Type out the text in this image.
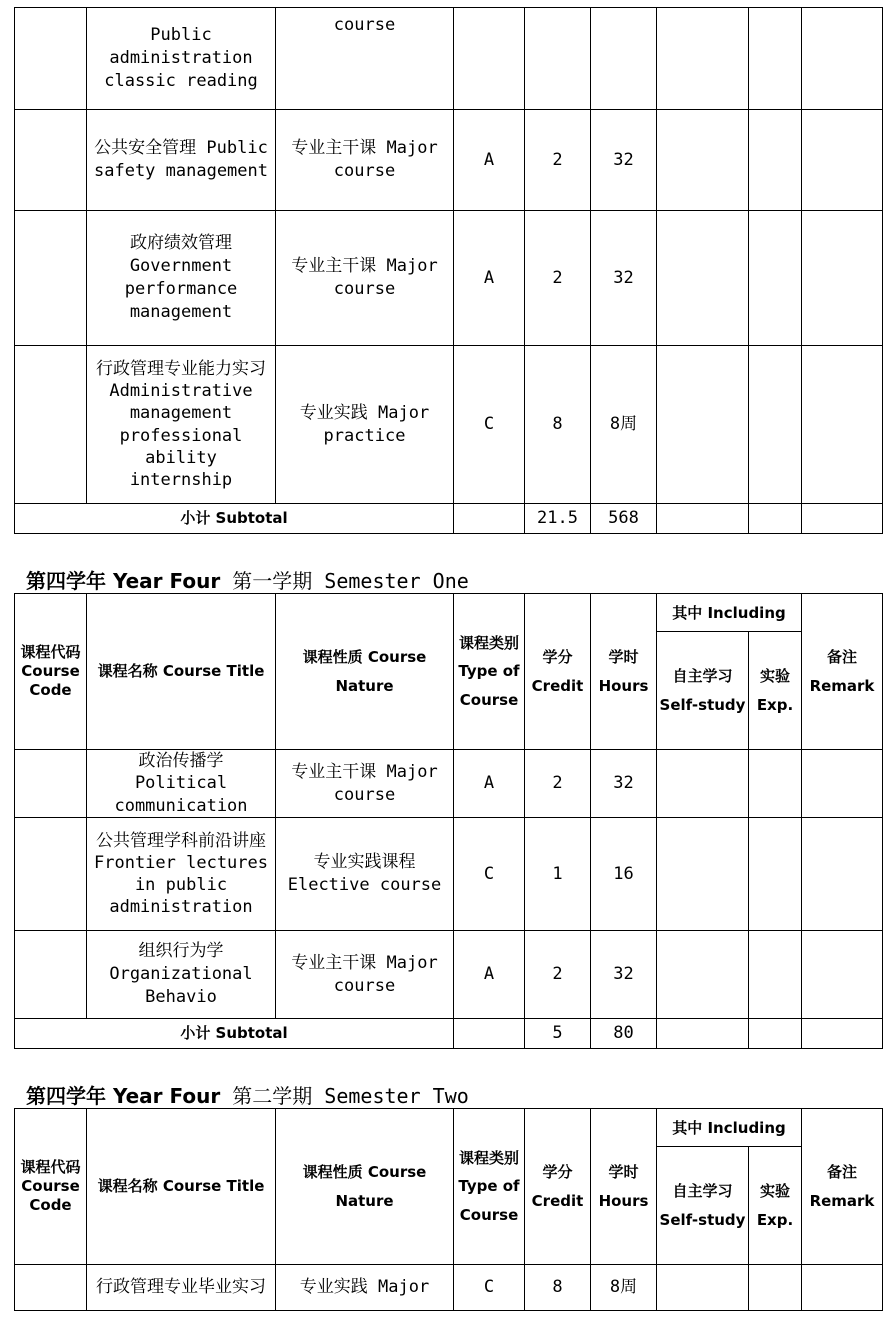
	Public administration classic reading	course						
	公共安全管理 Public safety management	专业主干课 Major course	A	2	32			
	政府绩效管理 Government performance management	专业主干课 Major course	A	2	32			
	行政管理专业能力实习 Administrative management professional ability internship	专业实践 Major practice	C	8	8周			
小计 Subtotal				21.5	568			
第四学年 Year Four 第一学期 Semester One
课程代码 Course Code	课程名称 Course Title	课程性质 Course Nature	课程类别 Type of Course	学分 Credit	学时 Hours	其中 Including		备注 Remark
						自主学习 Self-study	实验 Exp.	
	政治传播学 Political communication	专业主干课 Major course	A	2	32			
	公共管理学科前沿讲座 Frontier lectures in public administration	专业实践课程 Elective course	C	1	16			
	组织行为学 Organizational Behavio	专业主干课 Major course	A	2	32			
小计 Subtotal				5	80			
第四学年 Year Four 第二学期 Semester Two
课程代码 Course Code	课程名称 Course Title	课程性质 Course Nature	课程类别 Type of Course	学分 Credit	学时 Hours	其中 Including		备注 Remark
						自主学习 Self-study	实验 Exp.	
	行政管理专业毕业实习	专业实践 Major	C	8	8周			
